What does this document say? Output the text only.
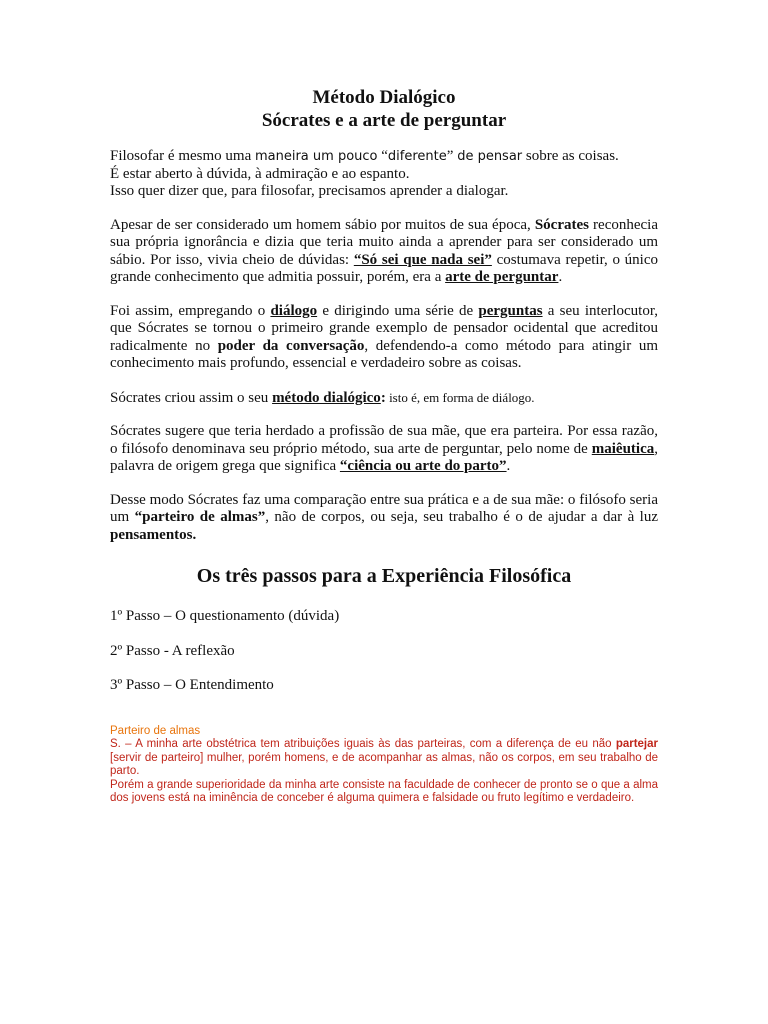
Método Dialógico
Sócrates e a arte de perguntar

Filosofar é mesmo uma maneira um pouco “diferente” de pensar sobre as coisas.
É estar aberto à dúvida, à admiração e ao espanto.
Isso quer dizer que, para filosofar, precisamos aprender a dialogar.

Apesar de ser considerado um homem sábio por muitos de sua época, Sócrates reconhecia sua própria ignorância e dizia que teria muito ainda a aprender para ser considerado um sábio. Por isso, vivia cheio de dúvidas: “Só sei que nada sei” costumava repetir, o único grande conhecimento que admitia possuir, porém, era a arte de perguntar.

Foi assim, empregando o diálogo e dirigindo uma série de perguntas a seu interlocutor, que Sócrates se tornou o primeiro grande exemplo de pensador ocidental que acreditou radicalmente no poder da conversação, defendendo-a como método para atingir um conhecimento mais profundo, essencial e verdadeiro sobre as coisas.

Sócrates criou assim o seu método dialógico: isto é, em forma de diálogo.

Sócrates sugere que teria herdado a profissão de sua mãe, que era parteira. Por essa razão, o filósofo denominava seu próprio método, sua arte de perguntar, pelo nome de maiêutica, palavra de origem grega que significa “ciência ou arte do parto”.

Desse modo Sócrates faz uma comparação entre sua prática e a de sua mãe: o filósofo seria um “parteiro de almas”, não de corpos, ou seja, seu trabalho é o de ajudar a dar à luz pensamentos.

Os três passos para a Experiência Filosófica
1º Passo – O questionamento (dúvida)
2º Passo - A reflexão
3º Passo – O Entendimento
Parteiro de almas
S. – A minha arte obstétrica tem atribuições iguais às das parteiras, com a diferença de eu não partejar [servir de parteiro] mulher, porém homens, e de acompanhar as almas, não os corpos, em seu trabalho de parto.
Porém a grande superioridade da minha arte consiste na faculdade de conhecer de pronto se o que a alma dos jovens está na iminência de conceber é alguma quimera e falsidade ou fruto legítimo e verdadeiro.
